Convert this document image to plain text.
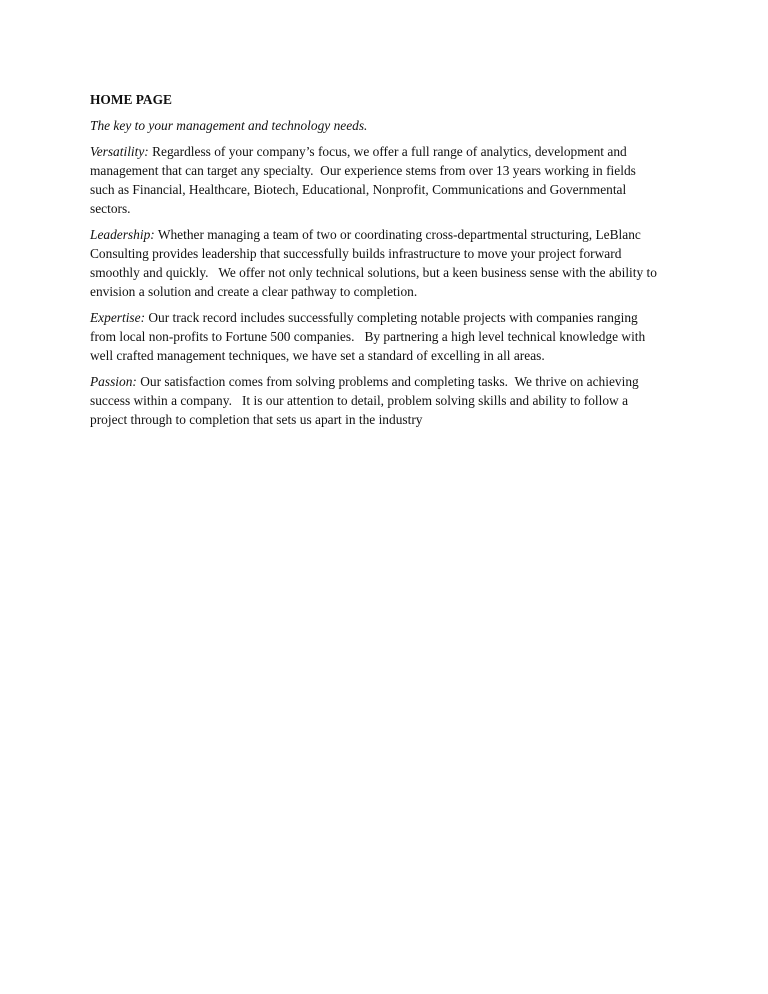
HOME PAGE
The key to your management and technology needs.
Versatility: Regardless of your company’s focus, we offer a full range of analytics, development and
management that can target any specialty.  Our experience stems from over 13 years working in fields
such as Financial, Healthcare, Biotech, Educational, Nonprofit, Communications and Governmental
sectors.
Leadership: Whether managing a team of two or coordinating cross-departmental structuring, LeBlanc
Consulting provides leadership that successfully builds infrastructure to move your project forward
smoothly and quickly.   We offer not only technical solutions, but a keen business sense with the ability to
envision a solution and create a clear pathway to completion.
Expertise: Our track record includes successfully completing notable projects with companies ranging
from local non-profits to Fortune 500 companies.   By partnering a high level technical knowledge with
well crafted management techniques, we have set a standard of excelling in all areas.
Passion: Our satisfaction comes from solving problems and completing tasks.  We thrive on achieving
success within a company.   It is our attention to detail, problem solving skills and ability to follow a
project through to completion that sets us apart in the industry
